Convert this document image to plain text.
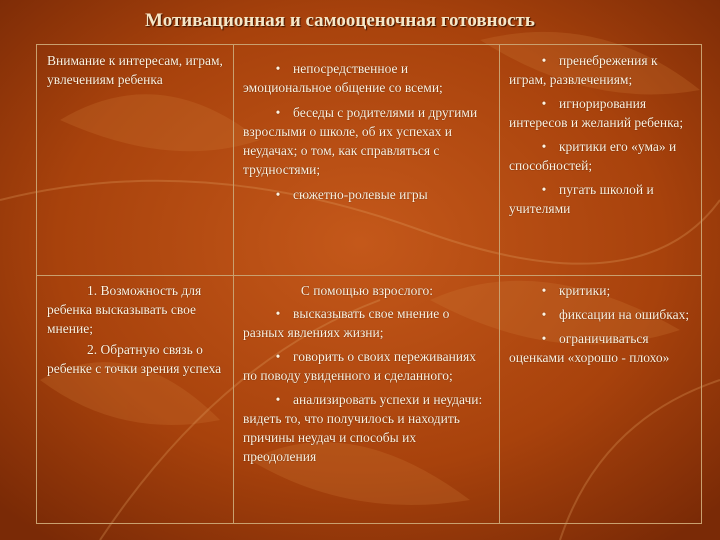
Мотивационная и самооценочная готовность
Внимание к интересам, играм, увлечениям ребенка
• непосредственное и эмоциональное общение со всеми;
• беседы с родителями и другими взрослыми о школе, об их успехах и неудачах; о том, как справляться с трудностями;
• сюжетно-ролевые игры
• пренебрежения к играм, развлечениям;
• игнорирования интересов и желаний ребенка;
• критики его «ума» и способностей;
• пугать школой и учителями
1. Возможность для ребенка высказывать свое мнение;
2. Обратную связь о ребенке с точки зрения успеха
С помощью взрослого:
• высказывать свое мнение о разных явлениях жизни;
• говорить о своих переживаниях по поводу увиденного и сделанного;
• анализировать успехи и неудачи: видеть то, что получилось и находить причины неудач и способы их преодоления
• критики;
• фиксации на ошибках;
• ограничиваться оценками «хорошо - плохо»
